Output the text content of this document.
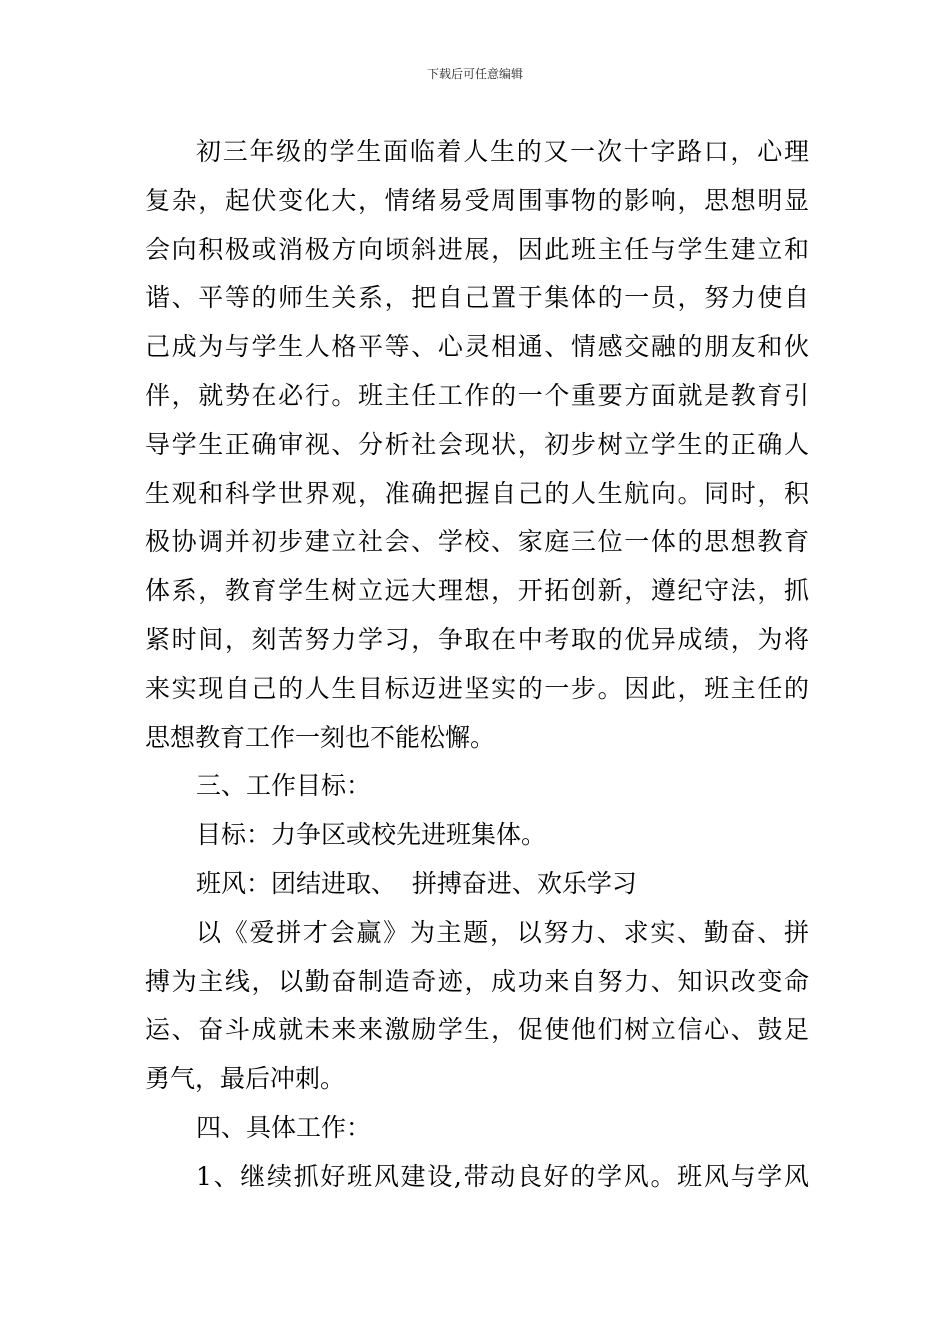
下载后可任意编辑
初三年级的学生面临着人生的又一次十字路口，心理
复杂，起伏变化大，情绪易受周围事物的影响，思想明显
会向积极或消极方向顷斜进展，因此班主任与学生建立和
谐、平等的师生关系，把自己置于集体的一员，努力使自
己成为与学生人格平等、心灵相通、情感交融的朋友和伙
伴，就势在必行。班主任工作的一个重要方面就是教育引
导学生正确审视、分析社会现状，初步树立学生的正确人
生观和科学世界观，准确把握自己的人生航向。同时，积
极协调并初步建立社会、学校、家庭三位一体的思想教育
体系，教育学生树立远大理想，开拓创新，遵纪守法，抓
紧时间，刻苦努力学习，争取在中考取的优异成绩，为将
来实现自己的人生目标迈进坚实的一步。因此，班主任的
思想教育工作一刻也不能松懈。
三、工作目标：
目标：力争区或校先进班集体。
班风：团结进取、  拼搏奋进、欢乐学习
以《爱拼才会赢》为主题，以努力、求实、勤奋、拼
搏为主线，以勤奋制造奇迹，成功来自努力、知识改变命
运、奋斗成就未来来激励学生，促使他们树立信心、鼓足
勇气，最后冲刺。
四、具体工作：
1、继续抓好班风建设,带动良好的学风。班风与学风
